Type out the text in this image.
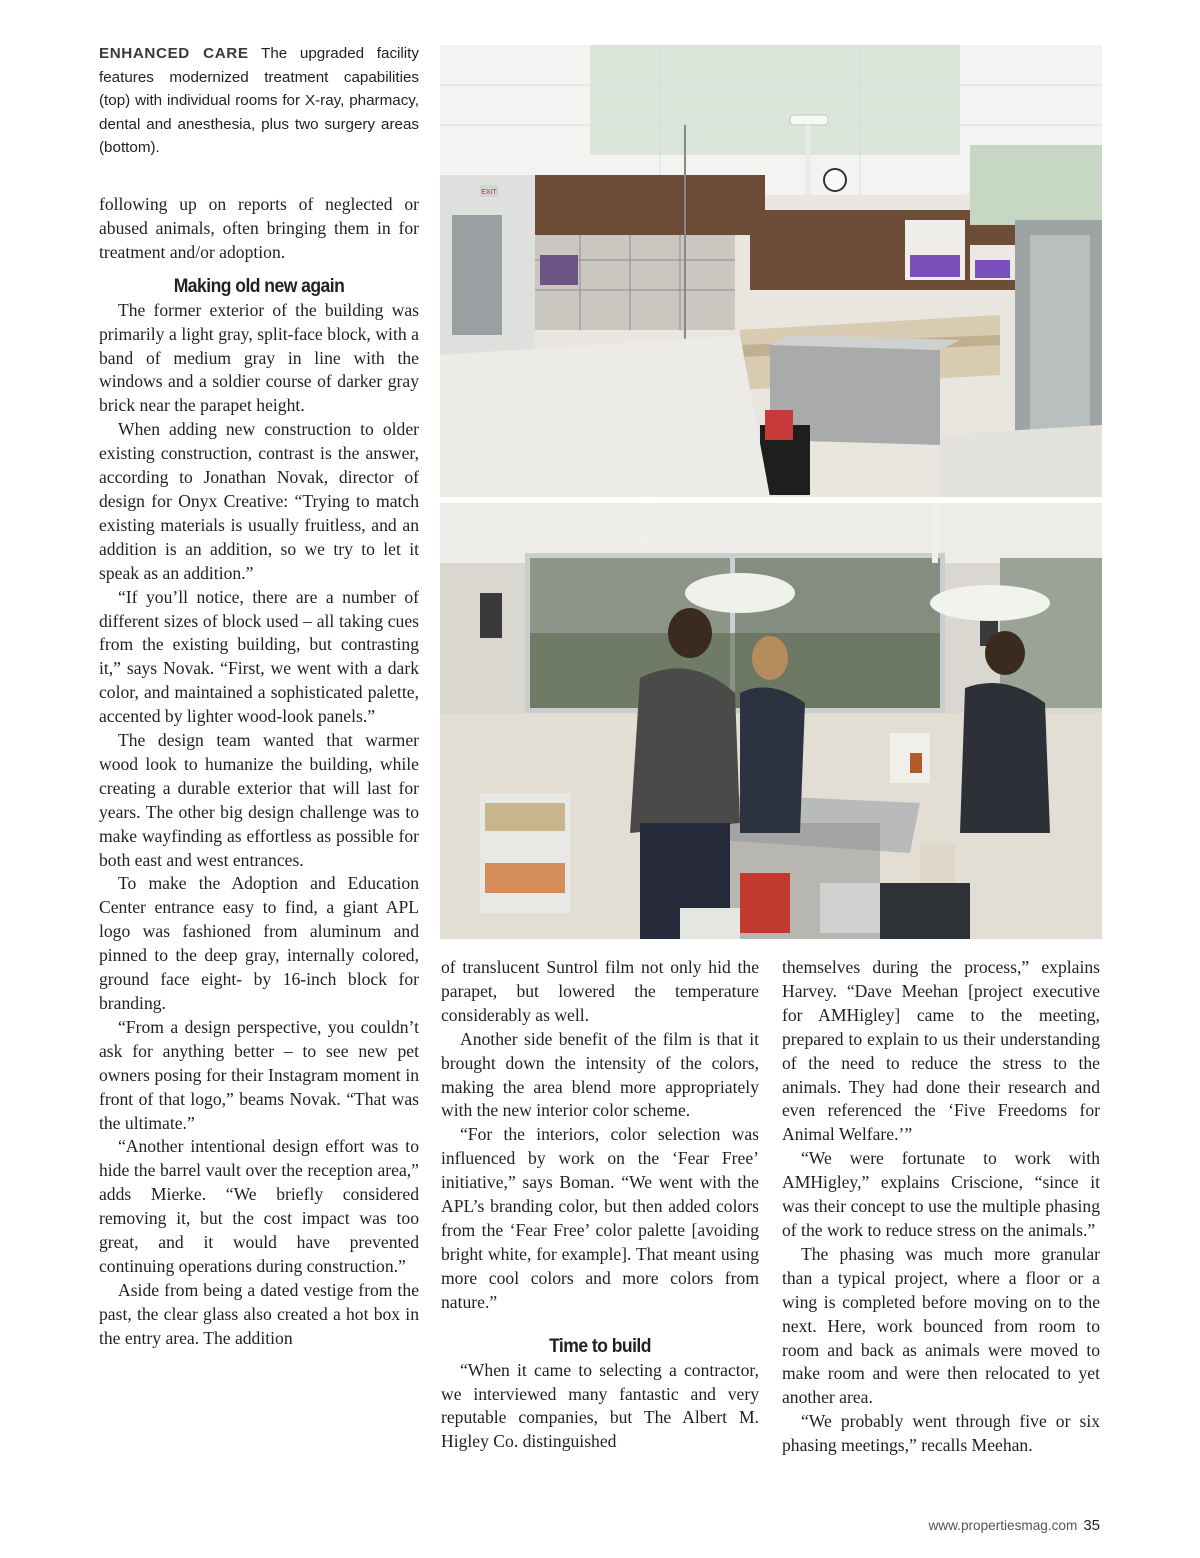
ENHANCED CARE The upgraded facility features modernized treatment capabilities (top) with individual rooms for X-ray, pharmacy, dental and anesthesia, plus two surgery areas (bottom).
EXIT

following up on reports of neglected or abused animals, often bringing them in for treatment and/or adoption.

Making old new again

The former exterior of the building was primarily a light gray, split-face block, with a band of medium gray in line with the windows and a soldier course of darker gray brick near the parapet height.

When adding new construction to older existing construction, contrast is the answer, according to Jonathan Novak, director of design for Onyx Creative: “Trying to match existing materials is usually fruitless, and an addition is an addition, so we try to let it speak as an addition.”

“If you’ll notice, there are a number of different sizes of block used – all taking cues from the existing building, but contrasting it,” says Novak. “First, we went with a dark color, and maintained a sophisticated palette, accented by lighter wood-look panels.”

The design team wanted that warmer wood look to humanize the building, while creating a durable exterior that will last for years. The other big design challenge was to make wayfinding as effortless as possible for both east and west entrances.

To make the Adoption and Education Center entrance easy to find, a giant APL logo was fashioned from aluminum and pinned to the deep gray, internally colored, ground face eight- by 16-inch block for branding.

“From a design perspective, you couldn’t ask for anything better – to see new pet owners posing for their Instagram moment in front of that logo,” beams Novak. “That was the ultimate.”

“Another intentional design effort was to hide the barrel vault over the reception area,” adds Mierke. “We briefly considered removing it, but the cost impact was too great, and it would have prevented continuing operations during construction.”

Aside from being a dated vestige from the past, the clear glass also created a hot box in the entry area. The addition

of translucent Suntrol film not only hid the parapet, but lowered the temperature considerably as well.

Another side benefit of the film is that it brought down the intensity of the colors, making the area blend more appropriately with the new interior color scheme.

“For the interiors, color selection was influenced by work on the ‘Fear Free’ initiative,” says Boman. “We went with the APL’s branding color, but then added colors from the ‘Fear Free’ color palette [avoiding bright white, for example]. That meant using more cool colors and more colors from nature.”

Time to build

“When it came to selecting a contractor, we interviewed many fantastic and very reputable companies, but The Albert M. Higley Co. distinguished

themselves during the process,” explains Harvey. “Dave Meehan [project executive for AMHigley] came to the meeting, prepared to explain to us their understanding of the need to reduce the stress to the animals. They had done their research and even referenced the ‘Five Freedoms for Animal Welfare.’”

“We were fortunate to work with AMHigley,” explains Criscione, “since it was their concept to use the multiple phasing of the work to reduce stress on the animals.”

The phasing was much more granular than a typical project, where a floor or a wing is completed before moving on to the next. Here, work bounced from room to room and back as animals were moved to make room and were then relocated to yet another area.

“We probably went through five or six phasing meetings,” recalls Meehan.

www.propertiesmag.com 35
